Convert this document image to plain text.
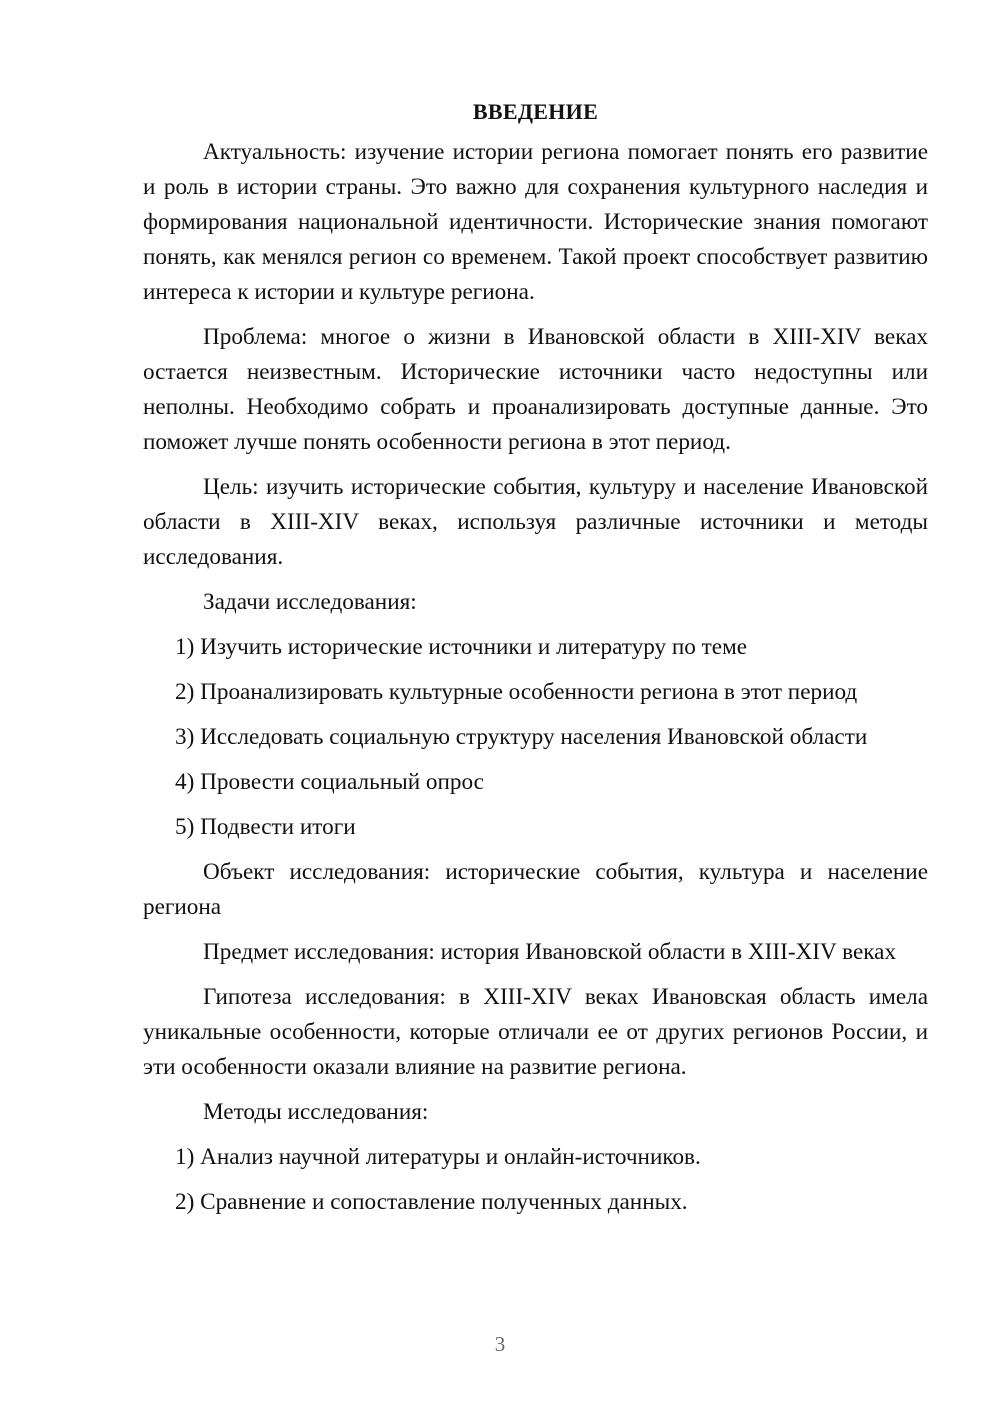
ВВЕДЕНИЕ

Актуальность: изучение истории региона помогает понять его развитие и роль в истории страны. Это важно для сохранения культурного наследия и формирования национальной идентичности. Исторические знания помогают понять, как менялся регион со временем. Такой проект способствует развитию интереса к истории и культуре региона.

Проблема: многое о жизни в Ивановской области в XIII-XIV веках остается неизвестным. Исторические источники часто недоступны или неполны. Необходимо собрать и проанализировать доступные данные. Это поможет лучше понять особенности региона в этот период.

Цель: изучить исторические события, культуру и население Ивановской области в XIII-XIV веках, используя различные источники и методы исследования.

Задачи исследования:

1) Изучить исторические источники и литературу по теме
2) Проанализировать культурные особенности региона в этот период
3) Исследовать социальную структуру населения Ивановской области
4) Провести социальный опрос
5) Подвести итоги

Объект исследования: исторические события, культура и население региона

Предмет исследования: история Ивановской области в XIII-XIV веках

Гипотеза исследования: в XIII-XIV веках Ивановская область имела уникальные особенности, которые отличали ее от других регионов России, и эти особенности оказали влияние на развитие региона.

Методы исследования:

1) Анализ научной литературы и онлайн-источников.
2) Сравнение и сопоставление полученных данных.
3
